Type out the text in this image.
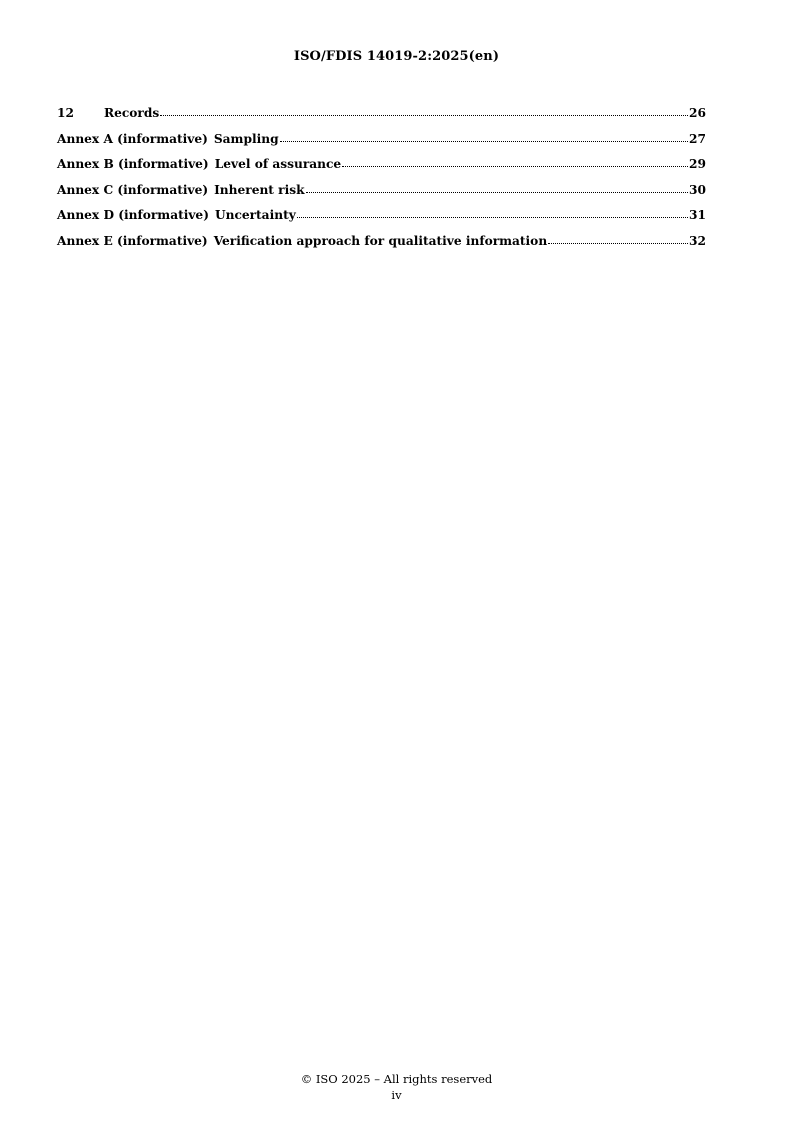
ISO/FDIS 14019-2:2025(en)
12	Records	26
Annex A (informative) Sampling	27
Annex B (informative) Level of assurance	29
Annex C (informative) Inherent risk	30
Annex D (informative) Uncertainty	31
Annex E (informative) Verification approach for qualitative information	32
© ISO 2025 – All rights reserved
iv
